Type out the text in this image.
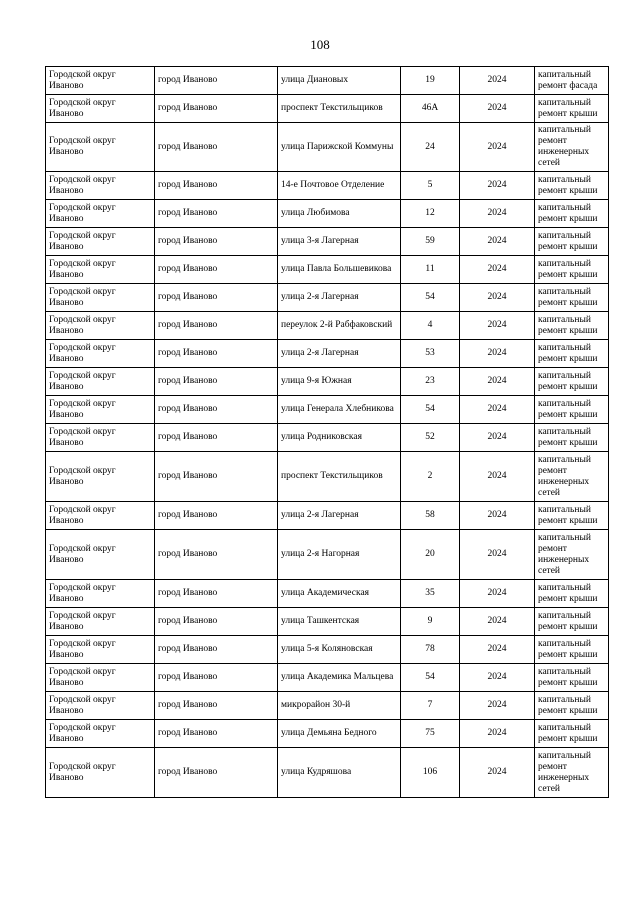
108
Городской округ Иваново	город Иваново	улица Диановых	19	2024	капитальный ремонт фасада
Городской округ Иваново	город Иваново	проспект Текстильщиков	46А	2024	капитальный ремонт крыши
Городской округ Иваново	город Иваново	улица Парижской Коммуны	24	2024	капитальный ремонт инженерных сетей
Городской округ Иваново	город Иваново	14-е Почтовое Отделение	5	2024	капитальный ремонт крыши
Городской округ Иваново	город Иваново	улица Любимова	12	2024	капитальный ремонт крыши
Городской округ Иваново	город Иваново	улица 3-я Лагерная	59	2024	капитальный ремонт крыши
Городской округ Иваново	город Иваново	улица Павла Большевикова	11	2024	капитальный ремонт крыши
Городской округ Иваново	город Иваново	улица 2-я Лагерная	54	2024	капитальный ремонт крыши
Городской округ Иваново	город Иваново	переулок 2-й Рабфаковский	4	2024	капитальный ремонт крыши
Городской округ Иваново	город Иваново	улица 2-я Лагерная	53	2024	капитальный ремонт крыши
Городской округ Иваново	город Иваново	улица 9-я Южная	23	2024	капитальный ремонт крыши
Городской округ Иваново	город Иваново	улица Генерала Хлебникова	54	2024	капитальный ремонт крыши
Городской округ Иваново	город Иваново	улица Родниковская	52	2024	капитальный ремонт крыши
Городской округ Иваново	город Иваново	проспект Текстильщиков	2	2024	капитальный ремонт инженерных сетей
Городской округ Иваново	город Иваново	улица 2-я Лагерная	58	2024	капитальный ремонт крыши
Городской округ Иваново	город Иваново	улица 2-я Нагорная	20	2024	капитальный ремонт инженерных сетей
Городской округ Иваново	город Иваново	улица Академическая	35	2024	капитальный ремонт крыши
Городской округ Иваново	город Иваново	улица Ташкентская	9	2024	капитальный ремонт крыши
Городской округ Иваново	город Иваново	улица 5-я Коляновская	78	2024	капитальный ремонт крыши
Городской округ Иваново	город Иваново	улица Академика Мальцева	54	2024	капитальный ремонт крыши
Городской округ Иваново	город Иваново	микрорайон 30-й	7	2024	капитальный ремонт крыши
Городской округ Иваново	город Иваново	улица Демьяна Бедного	75	2024	капитальный ремонт крыши
Городской округ Иваново	город Иваново	улица Кудряшова	106	2024	капитальный ремонт инженерных сетей
